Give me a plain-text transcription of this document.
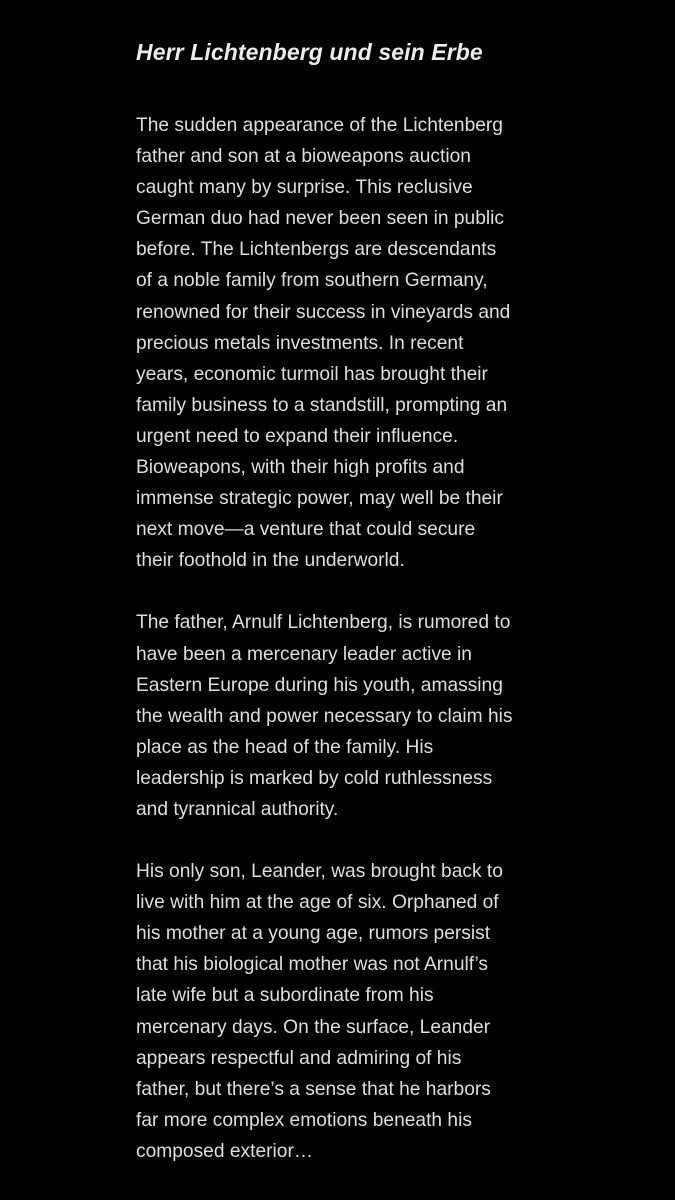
Herr Lichtenberg und sein Erbe

The sudden appearance of the Lichtenberg
father and son at a bioweapons auction
caught many by surprise. This reclusive
German duo had never been seen in public
before. The Lichtenbergs are descendants
of a noble family from southern Germany,
renowned for their success in vineyards and
precious metals investments. In recent
years, economic turmoil has brought their
family business to a standstill, prompting an
urgent need to expand their influence.
Bioweapons, with their high profits and
immense strategic power, may well be their
next move—a venture that could secure
their foothold in the underworld.

The father, Arnulf Lichtenberg, is rumored to
have been a mercenary leader active in
Eastern Europe during his youth, amassing
the wealth and power necessary to claim his
place as the head of the family. His
leadership is marked by cold ruthlessness
and tyrannical authority.

His only son, Leander, was brought back to
live with him at the age of six. Orphaned of
his mother at a young age, rumors persist
that his biological mother was not Arnulf’s
late wife but a subordinate from his
mercenary days. On the surface, Leander
appears respectful and admiring of his
father, but there’s a sense that he harbors
far more complex emotions beneath his
composed exterior…
